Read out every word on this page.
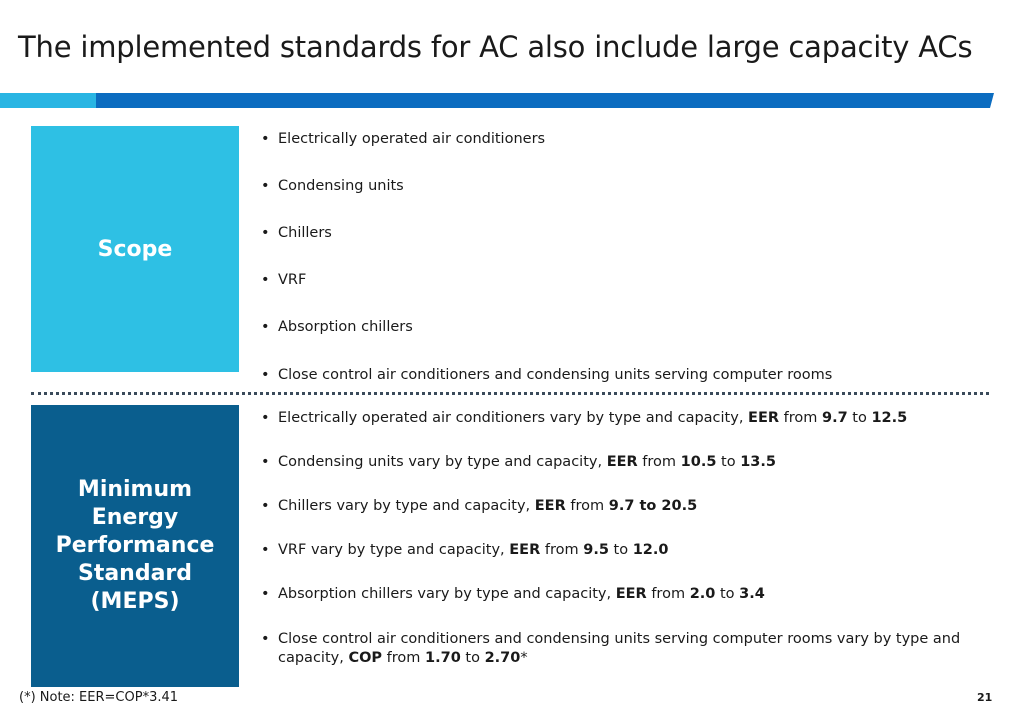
The implemented standards for AC also include large capacity ACs
Scope
• Electrically operated air conditioners
• Condensing units
• Chillers
• VRF
• Absorption chillers
• Close control air conditioners and condensing units serving computer rooms
Minimum Energy
Performance
Standard (MEPS)
• Electrically operated air conditioners vary by type and capacity, EER from 9.7 to 12.5
• Condensing units vary by type and capacity, EER from 10.5 to 13.5
• Chillers vary by type and capacity, EER from 9.7 to 20.5
• VRF vary by type and capacity, EER from 9.5 to 12.0
• Absorption chillers vary by type and capacity, EER from 2.0 to 3.4
• Close control air conditioners and condensing units serving computer rooms vary by type and capacity, COP from 1.70 to 2.70*
(*) Note: EER=COP*3.41	21
